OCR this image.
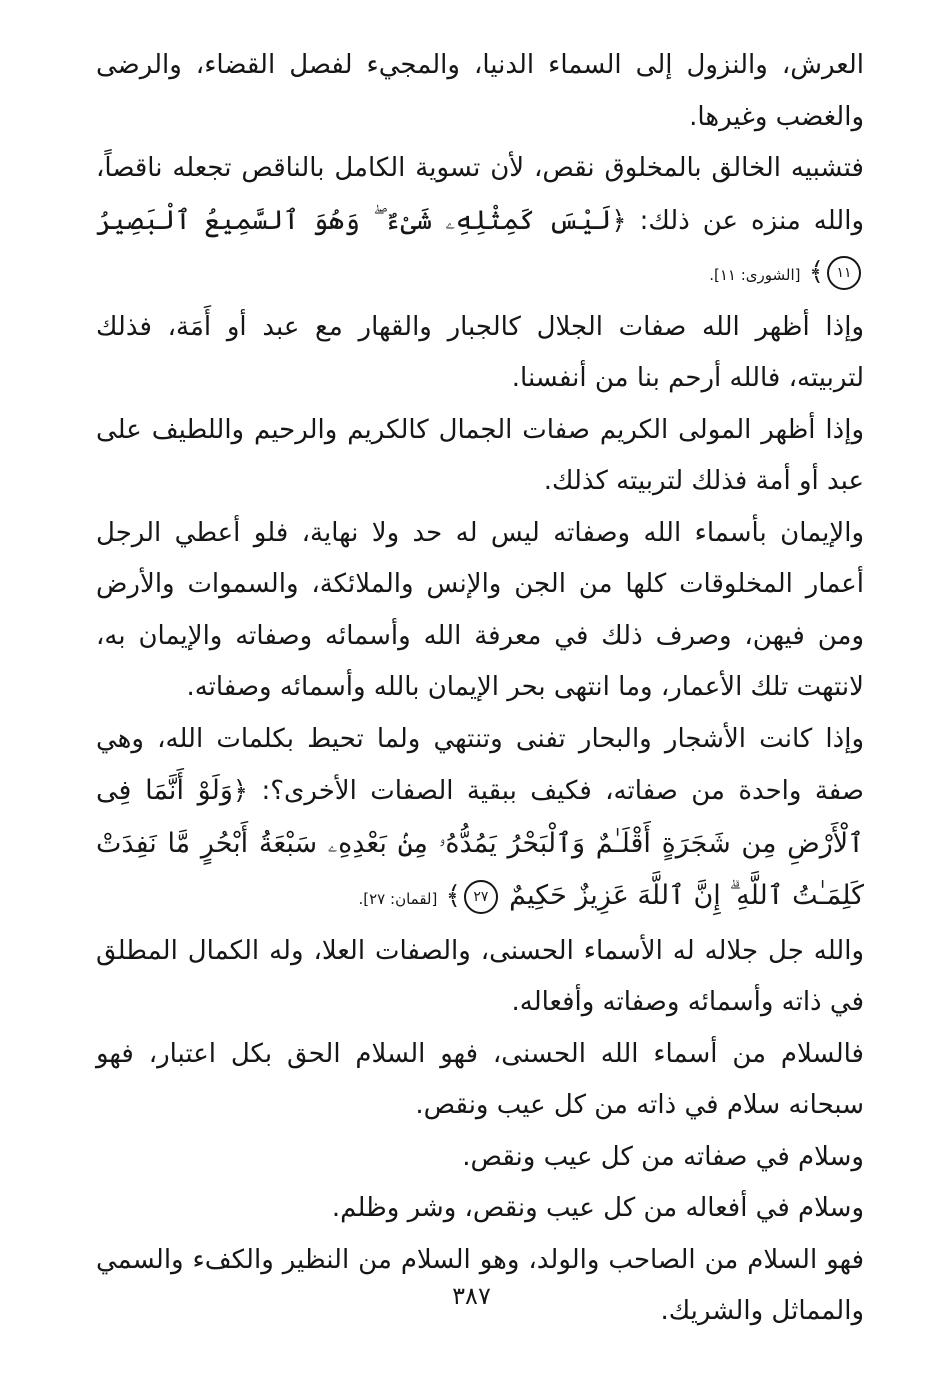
العرش، والنزول إلى السماء الدنيا، والمجيء لفصل القضاء، والرضى والغضب وغيرها.

فتشبيه الخالق بالمخلوق نقص، لأن تسوية الكامل بالناقص تجعله ناقصاً، والله منزه عن ذلك: ﴿لَيْسَ كَمِثْلِهِۦ شَىْءٌ ۖ وَهُوَ ٱلسَّمِيعُ ٱلْبَصِيرُ ١١﴾ [الشورى: ١١].

وإذا أظهر الله صفات الجلال كالجبار والقهار مع عبد أو أَمَة، فذلك لتربيته، فالله أرحم بنا من أنفسنا.

وإذا أظهر المولى الكريم صفات الجمال كالكريم والرحيم واللطيف على عبد أو أمة فذلك لتربيته كذلك.

والإيمان بأسماء الله وصفاته ليس له حد ولا نهاية، فلو أعطي الرجل أعمار المخلوقات كلها من الجن والإنس والملائكة، والسموات والأرض ومن فيهن، وصرف ذلك في معرفة الله وأسمائه وصفاته والإيمان به، لانتهت تلك الأعمار، وما انتهى بحر الإيمان بالله وأسمائه وصفاته.

وإذا كانت الأشجار والبحار تفنى وتنتهي ولما تحيط بكلمات الله، وهي صفة واحدة من صفاته، فكيف ببقية الصفات الأخرى؟: ﴿وَلَوْ أَنَّمَا فِى ٱلْأَرْضِ مِن شَجَرَةٍ أَقْلَـٰمٌ وَٱلْبَحْرُ يَمُدُّهُۥ مِنۢ بَعْدِهِۦ سَبْعَةُ أَبْحُرٍ مَّا نَفِدَتْ كَلِمَـٰتُ ٱللَّهِ ۗ إِنَّ ٱللَّهَ عَزِيزٌ حَكِيمٌ ٢٧﴾ [لقمان: ٢٧].

والله جل جلاله له الأسماء الحسنى، والصفات العلا، وله الكمال المطلق في ذاته وأسمائه وصفاته وأفعاله.

فالسلام من أسماء الله الحسنى، فهو السلام الحق بكل اعتبار، فهو سبحانه سلام في ذاته من كل عيب ونقص.

وسلام في صفاته من كل عيب ونقص.

وسلام في أفعاله من كل عيب ونقص، وشر وظلم.

فهو السلام من الصاحب والولد، وهو السلام من النظير والكفء والسمي والمماثل والشريك.

٣٨٧
